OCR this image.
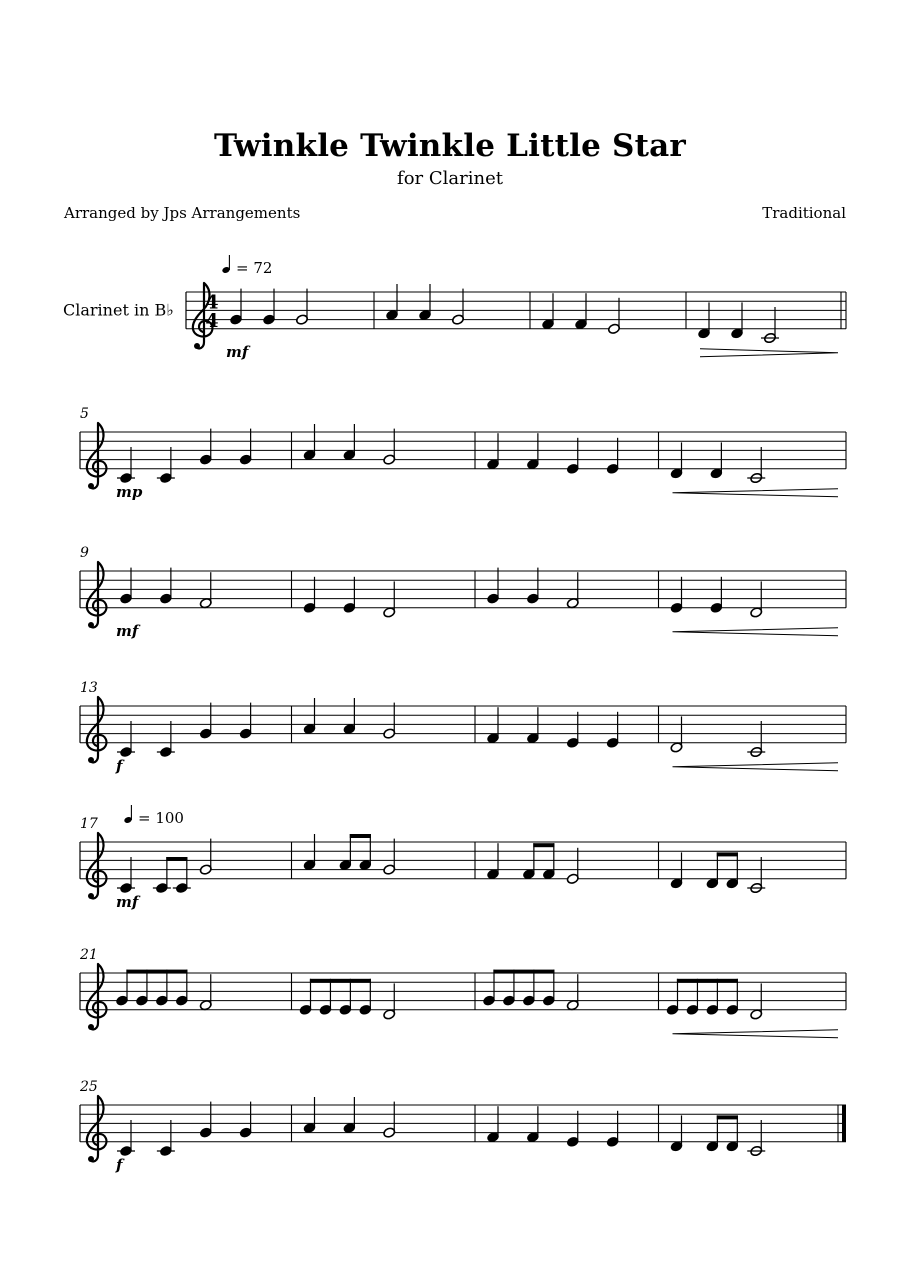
Twinkle Twinkle Little Star
for Clarinet
Arranged by Jps Arrangements	Traditional
4
4
Clarinet in B♭
= 72
mf
5
mp
9
mf
13
f
17	= 100
mf
21
25
f
